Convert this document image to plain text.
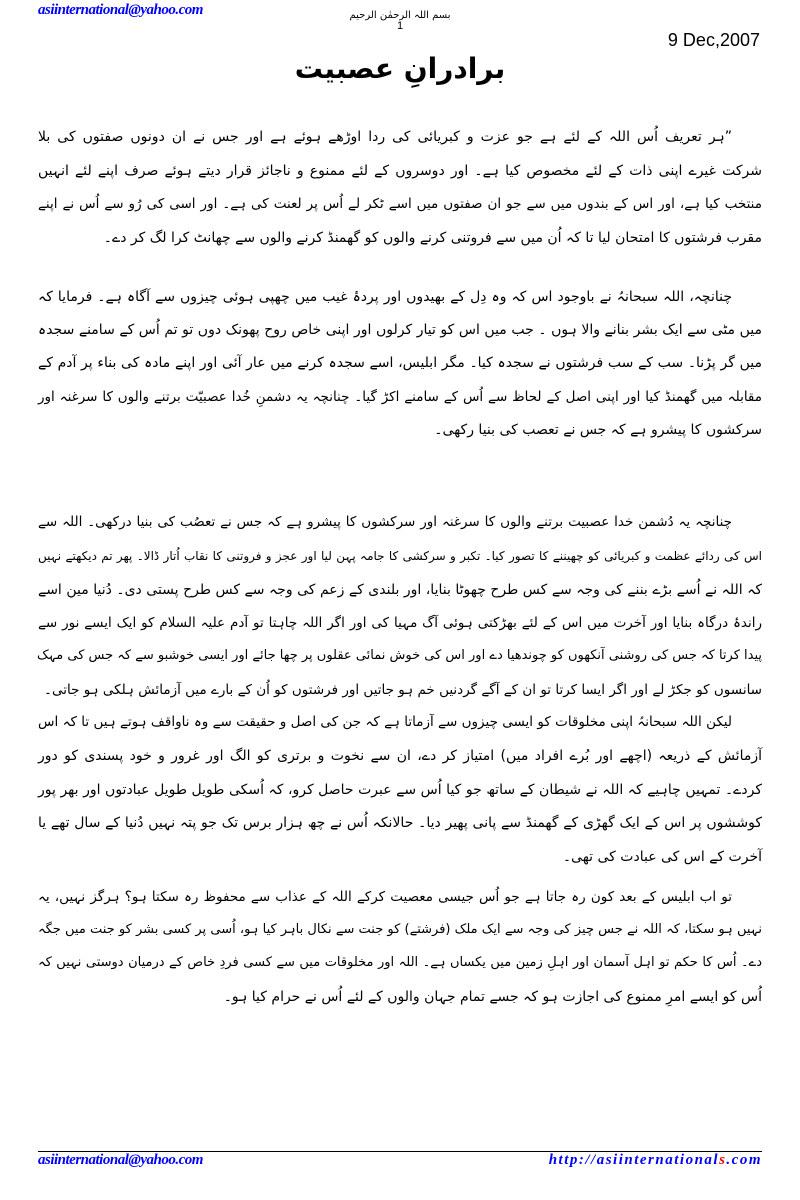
asiinternational@yahoo.com	بسم اللہ الرحمٰن الرحیم
1
9 Dec,2007
برادرانِ عصبیت
”ہر تعریف اُس اللہ کے لئے ہے جو عزت و کبریائی کی ردا اوڑھے ہوئے ہے اور جس نے ان دونوں صفتوں کی بلا
شرکت غیرے اپنی ذات کے لئے مخصوص کیا ہے۔ اور دوسروں کے لئے ممنوع و ناجائز قرار دیتے ہوئے صرف اپنے لئے انہیں
منتخب کیا ہے، اور اس کے بندوں میں سے جو ان صفتوں میں اسے ٹکر لے اُس پر لعنت کی ہے۔ اور اسی کی رُو سے اُس نے اپنے
مقرب فرشتوں کا امتحان لیا تا کہ اُن میں سے فروتنی کرنے والوں کو گھمنڈ کرنے والوں سے چھانٹ کرا لگ کر دے۔
چنانچہ، اللہ سبحانہُ نے باوجود اس کہ وہ دِل کے بھیدوں اور پردۂ غیب میں چھپی ہوئی چیزوں سے آگاہ ہے۔ فرمایا کہ
میں مٹی سے ایک بشر بنانے والا ہوں ۔ جب میں اس کو تیار کرلوں اور اپنی خاص روح پھونک دوں تو تم اُس کے سامنے سجدہ
میں گر پڑنا۔ سب کے سب فرشتوں نے سجدہ کیا۔ مگر ابلیس، اسے سجدہ کرنے میں عار آئی اور اپنے مادہ کی بناء پر آدم کے
مقابلہ میں گھمنڈ کیا اور اپنی اصل کے لحاظ سے اُس کے سامنے اکڑ گیا۔ چنانچہ یہ دشمنِ خُدا عصبیّت برتنے والوں کا سرغنہ اور
سرکشوں کا پیشرو ہے کہ جس نے تعصب کی بنیا رکھی۔
چنانچہ یہ دُشمن خدا عصبیت برتنے والوں کا سرغنہ اور سرکشوں کا پیشرو ہے کہ جس نے تعصُب کی بنیا درکھی۔ اللہ سے
اس کی ردائے عظمت و کبریائی کو چھیننے کا تصور کیا۔ تکبر و سرکشی کا جامہ پہن لیا اور عجز و فروتنی کا نقاب اُتار ڈالا۔ پھر تم دیکھتے نہیں
کہ اللہ نے اُسے بڑے بننے کی وجہ سے کس طرح چھوٹا بنایا، اور بلندی کے زعم کی وجہ سے کس طرح پستی دی۔ دُنیا مین اسے
راندۂ درگاہ بنایا اور آخرت میں اس کے لئے بھڑکتی ہوئی آگ مہیا کی اور اگر اللہ چاہتا تو آدم علیہ السلام کو ایک ایسے نور سے
پیدا کرتا کہ جس کی روشنی آنکھوں کو چوندھیا دے اور اس کی خوش نمائی عقلوں پر چھا جائے اور ایسی خوشبو سے کہ جس کی مہک
سانسوں کو جکڑ لے اور اگر ایسا کرتا تو ان کے آگے گردنیں خم ہو جاتیں اور فرشتوں کو اُن کے بارے میں آزمائش ہلکی ہو جاتی۔
لیکن اللہ سبحانہُ اپنی مخلوقات کو ایسی چیزوں سے آزماتا ہے کہ جن کی اصل و حقیقت سے وہ ناواقف ہوتے ہیں تا کہ اس
آزمائش کے ذریعہ (اچھے اور بُرے افراد میں) امتیاز کر دے، ان سے نخوت و برتری کو الگ اور غرور و خود پسندی کو دور
کردے۔ تمہیں چاہیے کہ اللہ نے شیطان کے ساتھ جو کیا اُس سے عبرت حاصل کرو، کہ اُسکی طویل طویل عبادتوں اور بھر پور
کوششوں پر اس کے ایک گھڑی کے گھمنڈ سے پانی پھیر دیا۔ حالانکہ اُس نے چھ ہزار برس تک جو پتہ نہیں دُنیا کے سال تھے یا
آخرت کے اس کی عبادت کی تھی۔
تو اب ابلیس کے بعد کون رہ جاتا ہے جو اُس جیسی معصیت کرکے اللہ کے عذاب سے محفوظ رہ سکتا ہو؟ ہرگز نہیں، یہ
نہیں ہو سکتا، کہ اللہ نے جس چیز کی وجہ سے ایک ملک (فرشتے) کو جنت سے نکال باہر کیا ہو، اُسی پر کسی بشر کو جنت میں جگہ
دے۔ اُس کا حکم تو اہل آسمان اور اہلِ زمین میں یکساں ہے۔ اللہ اور مخلوقات میں سے کسی فردِ خاص کے درمیان دوستی نہیں کہ
اُس کو ایسے امرِ ممنوع کی اجازت ہو کہ جسے تمام جہان والوں کے لئے اُس نے حرام کیا ہو۔
asiinternational@yahoo.com	http://asiinternationals.com
